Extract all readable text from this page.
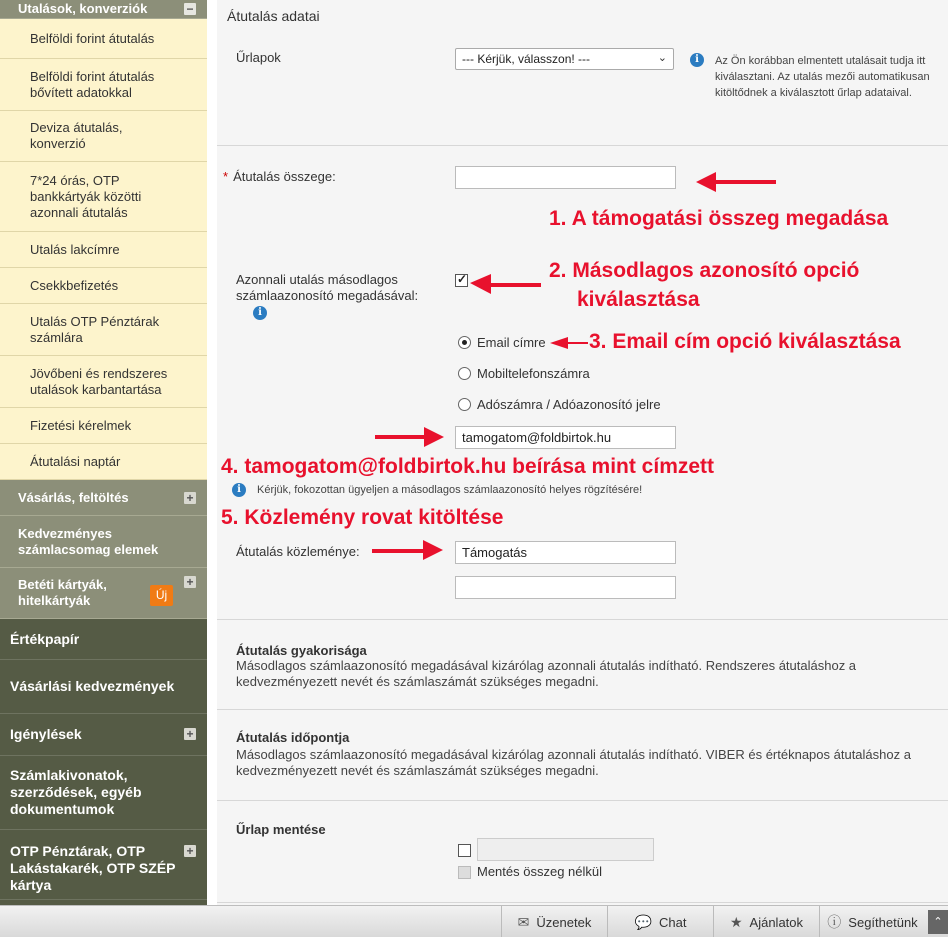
Utalások, konverziók	−
Belföldi forint átutalás
Belföldi forint átutalás bővített adatokkal
Deviza átutalás, konverzió
7*24 órás, OTP bankkártyák közötti azonnali átutalás
Utalás lakcímre
Csekkbefizetés
Utalás OTP Pénztárak számlára
Jövőbeni és rendszeres utalások karbantartása
Fizetési kérelmek
Átutalási naptár
Vásárlás, feltöltés	+
Kedvezményes számlacsomag elemek
Betéti kártyák, hitelkártyák
+
Új
Értékpapír
Vásárlási kedvezmények
Igénylések	+
Számlakivonatok, szerződések, egyéb dokumentumok
OTP Pénztárak, OTP Lakástakarék, OTP SZÉP kártya
+
Átutalás adatai
Űrlapok	--- Kérjük, válasszon! ---	⌄	i	Az Ön korábban elmentett utalásait tudja itt kiválasztani. Az utalás mezői automatikusan kitöltődnek a kiválasztott űrlap adataival.
* Átutalás összege:
Azonnali utalás másodlagos számlaazonosító megadásával:
i
✓
Email címre
Mobiltelefonszámra
Adószámra / Adóazonosító jelre
tamogatom@foldbirtok.hu
i	Kérjük, fokozottan ügyeljen a másodlagos számlaazonosító helyes rögzítésére!
Átutalás közleménye:	Támogatás
Átutalás gyakorisága
Másodlagos számlaazonosító megadásával kizárólag azonnali átutalás indítható. Rendszeres átutaláshoz a kedvezményezett nevét és számlaszámát szükséges megadni.
Átutalás időpontja
Másodlagos számlaazonosító megadásával kizárólag azonnali átutalás indítható. VIBER és értéknapos átutaláshoz a kedvezményezett nevét és számlaszámát szükséges megadni.
Űrlap mentése
Mentés összeg nélkül
1. A támogatási összeg megadása
2. Másodlagos azonosító opció
kiválasztása
3. Email cím opció kiválasztása
4. tamogatom@foldbirtok.hu beírása mint címzett
5. Közlemény rovat kitöltése
✉ Üzenetek	💬 Chat	★ Ajánlatok ⓘ Segíthetünk	⌃
